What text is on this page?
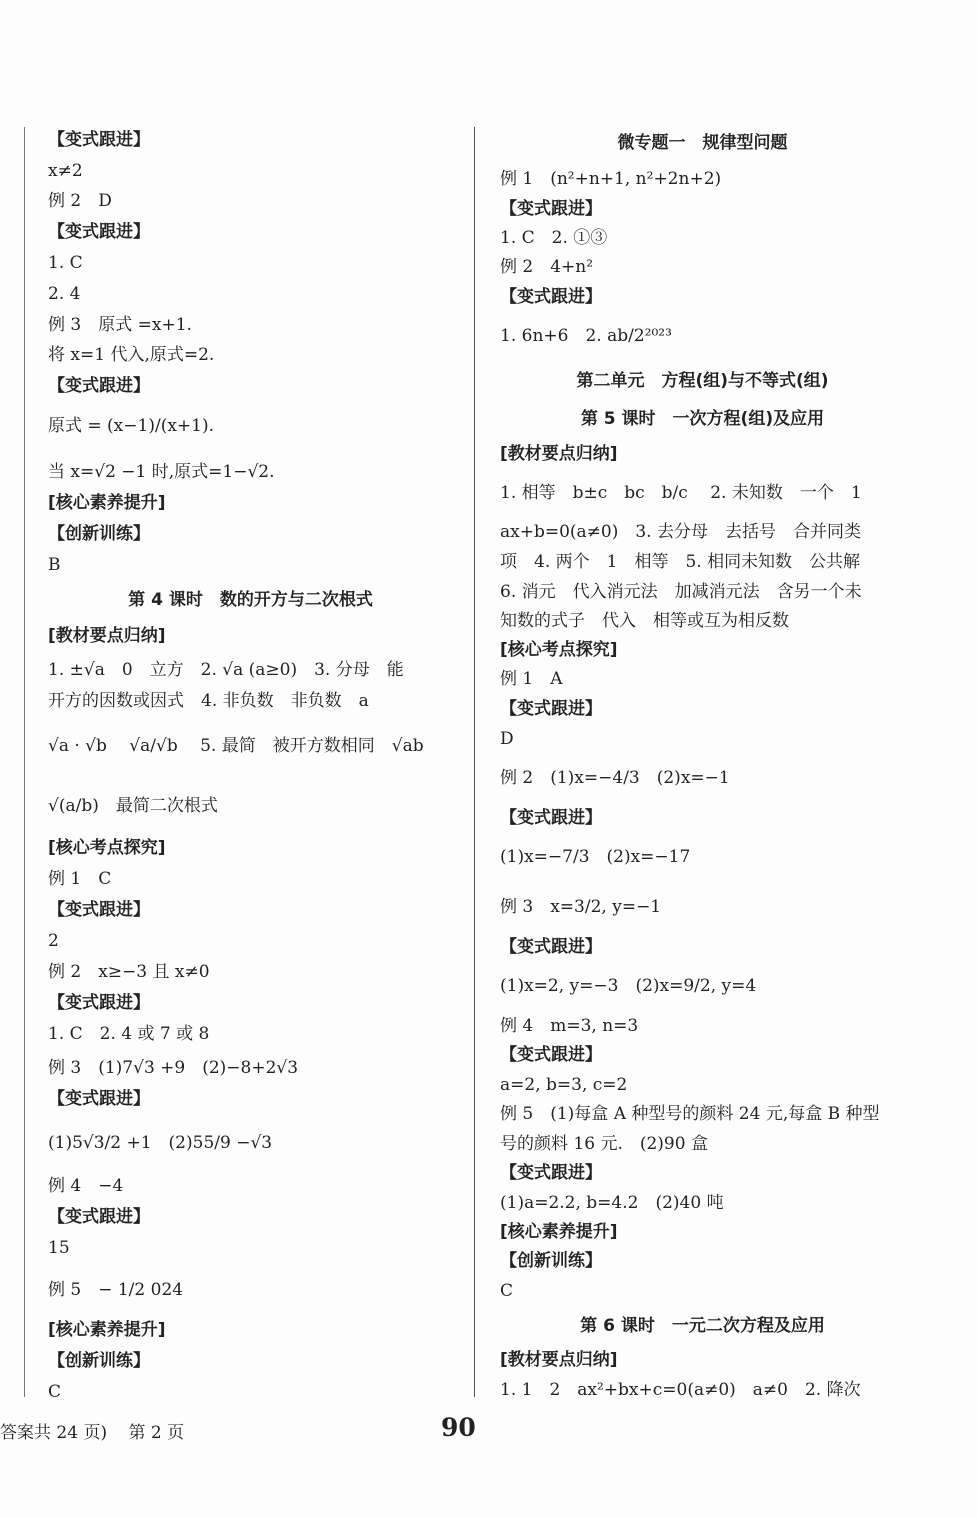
【变式跟进】
x≠2
例 2　D
【变式跟进】
1. C
2. 4
例 3　原式 =x+1.
将 x=1 代入,原式=2.
【变式跟进】
原式 = (x−1)/(x+1).
当 x=√2 −1 时,原式=1−√2.
[核心素养提升]
【创新训练】
B
第 4 课时　数的开方与二次根式
[教材要点归纳]
1. ±√a　0　立方　2. √a (a≥0)　3. 分母　能
开方的因数或因式　4. 非负数　非负数　a
√a · √b　 √a/√b　 5. 最简　被开方数相同　√ab
√(a/b)　最简二次根式
[核心考点探究]
例 1　C
【变式跟进】
2
例 2　x≥−3 且 x≠0
【变式跟进】
1. C　2. 4 或 7 或 8
例 3　(1)7√3 +9　(2)−8+2√3
【变式跟进】
(1)5√3/2 +1　(2)55/9 −√3
例 4　−4
【变式跟进】
15
例 5　− 1/2 024
[核心素养提升]
【创新训练】
C
微专题一　规律型问题
例 1　(n²+n+1, n²+2n+2)
【变式跟进】
1. C　2. ①③
例 2　4+n²
【变式跟进】
1. 6n+6　2. ab/2²⁰²³
第二单元　方程(组)与不等式(组)
第 5 课时　一次方程(组)及应用
[教材要点归纳]
1. 相等　b±c　bc　b/c　 2. 未知数　一个　1
ax+b=0(a≠0)　3. 去分母　去括号　合并同类
项　4. 两个　1　相等　5. 相同未知数　公共解
6. 消元　代入消元法　加减消元法　含另一个未
知数的式子　代入　相等或互为相反数
[核心考点探究]
例 1　A
【变式跟进】
D
例 2　(1)x=−4/3　(2)x=−1
【变式跟进】
(1)x=−7/3　(2)x=−17
例 3　x=3/2, y=−1
【变式跟进】
(1)x=2, y=−3　(2)x=9/2, y=4
例 4　m=3, n=3
【变式跟进】
a=2, b=3, c=2
例 5　(1)每盒 A 种型号的颜料 24 元,每盒 B 种型
号的颜料 16 元.　(2)90 盒
【变式跟进】
(1)a=2.2, b=4.2　(2)40 吨
[核心素养提升]
【创新训练】
C
第 6 课时　一元二次方程及应用
[教材要点归纳]
1. 1　2　ax²+bx+c=0(a≠0)　a≠0　2. 降次
答案共 24 页) 第 2 页	90
